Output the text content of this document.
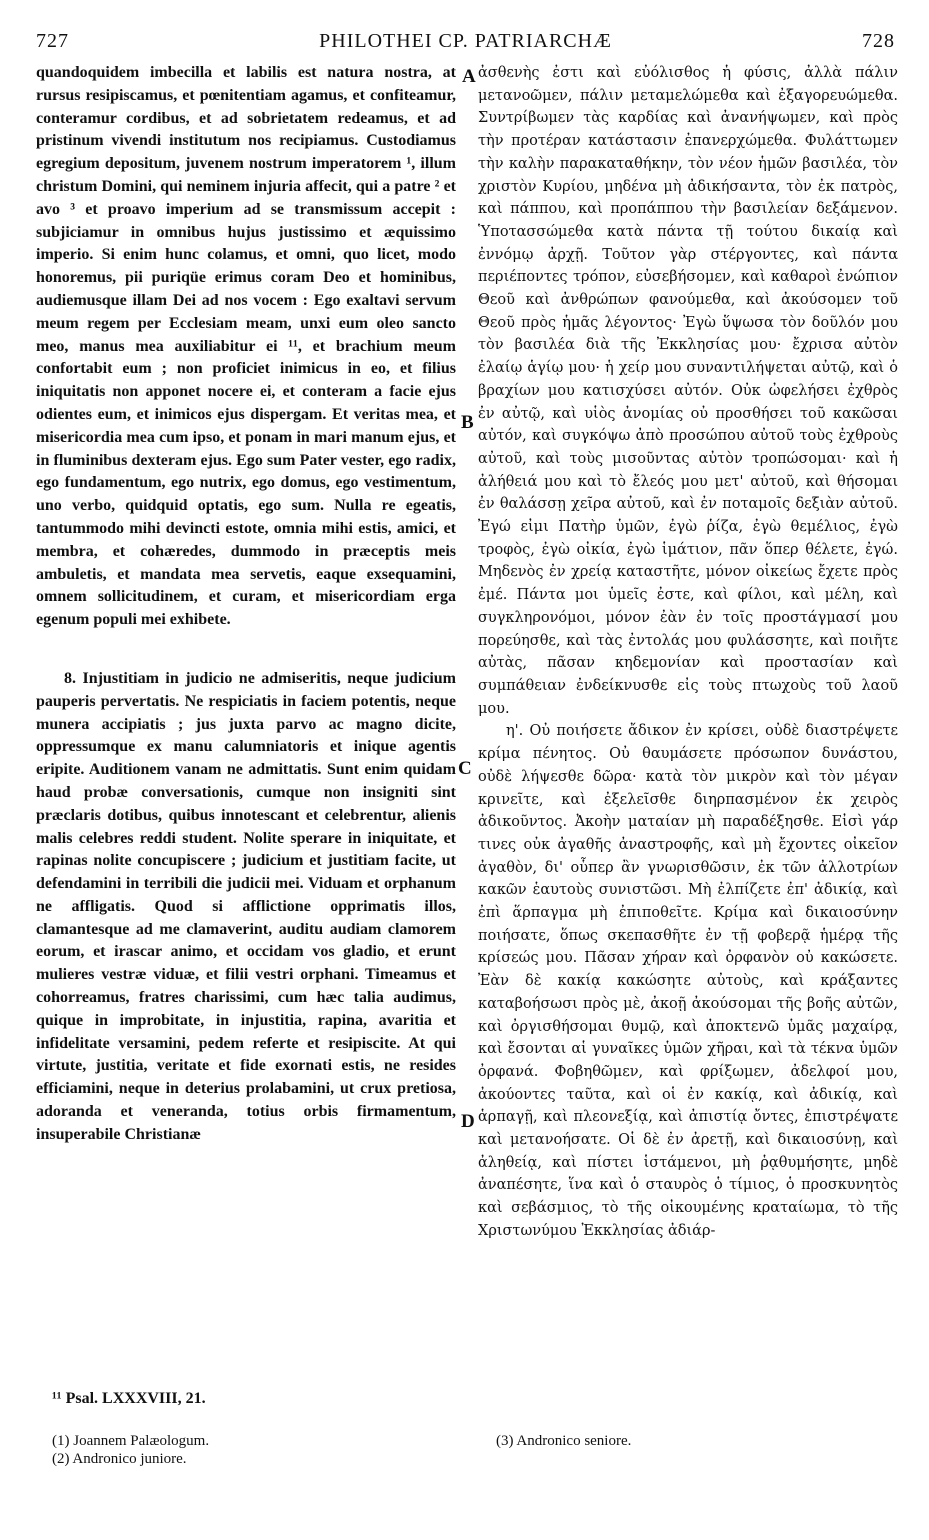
727	PHILOTHEI CP. PATRIARCHÆ	728

quandoquidem imbecilla et labilis est natura nostra, at rursus resipiscamus, et pœnitentiam agamus, et confiteamur, conteramur cordibus, et ad sobrietatem redeamus, et ad pristinum vivendi institutum nos recipiamus. Custodiamus egregium depositum, juvenem nostrum imperatorem ¹, illum christum Domini, qui neminem injuria affecit, qui a patre ² et avo ³ et proavo imperium ad se transmissum accepit : subjiciamur in omnibus hujus justissimo et æquissimo imperio. Si enim hunc colamus, et omni, quo licet, modo honoremus, pii puriqüe erimus coram Deo et hominibus, audiemusque illam Dei ad nos vocem : Ego exaltavi servum meum regem per Ecclesiam meam, unxi eum oleo sancto meo, manus mea auxiliabitur ei ¹¹, et brachium meum confortabit eum ; non proficiet inimicus in eo, et filius iniquitatis non apponet nocere ei, et conteram a facie ejus odientes eum, et inimicos ejus dispergam. Et veritas mea, et misericordia mea cum ipso, et ponam in mari manum ejus, et in fluminibus dexteram ejus. Ego sum Pater vester, ego radix, ego fundamentum, ego nutrix, ego domus, ego vestimentum, uno verbo, quidquid optatis, ego sum. Nulla re egeatis, tantummodo mihi devincti estote, omnia mihi estis, amici, et membra, et cohæredes, dummodo in præceptis meis ambuletis, et mandata mea servetis, eaque exsequamini, omnem sollicitudinem, et curam, et misericordiam erga egenum populi mei exhibete.

8. Injustitiam in judicio ne admiseritis, neque judicium pauperis pervertatis. Ne respiciatis in faciem potentis, neque munera accipiatis ; jus juxta parvo ac magno dicite, oppressumque ex manu calumniatoris et inique agentis eripite. Auditionem vanam ne admittatis. Sunt enim quidam haud probæ conversationis, cumque non insigniti sint præclaris dotibus, quibus innotescant et celebrentur, alienis malis celebres reddi student. Nolite sperare in iniquitate, et rapinas nolite concupiscere ; judicium et justitiam facite, ut defendamini in terribili die judicii mei. Viduam et orphanum ne affligatis. Quod si afflictione opprimatis illos, clamantesque ad me clamaverint, auditu audiam clamorem eorum, et irascar animo, et occidam vos gladio, et erunt mulieres vestræ viduæ, et filii vestri orphani. Timeamus et cohorreamus, fratres charissimi, cum hæc talia audimus, quique in improbitate, in injustitia, rapina, avaritia et infidelitate versamini, pedem referte et resipiscite. At qui virtute, justitia, veritate et fide exornati estis, ne resides efficiamini, neque in deterius prolabamini, ut crux pretiosa, adoranda et veneranda, totius orbis firmamentum, insuperabile Christianæ

ἀσθενὴς ἐστι καὶ εὐόλισθος ἡ φύσις, ἀλλὰ πάλιν μετανοῶμεν, πάλιν μεταμελώμεθα καὶ ἐξαγορευώμεθα. Συντρίβωμεν τὰς καρδίας καὶ ἀνανήψωμεν, καὶ πρὸς τὴν προτέραν κατάστασιν ἐπανερχώμεθα. Φυλάττωμεν τὴν καλὴν παρακαταθήκην, τὸν νέον ἡμῶν βασιλέα, τὸν χριστὸν Κυρίου, μηδένα μὴ ἀδικήσαντα, τὸν ἐκ πατρὸς, καὶ πάππου, καὶ προπάππου τὴν βασιλείαν δεξάμενον. Ὑποτασσώμεθα κατὰ πάντα τῇ τούτου δικαίᾳ καὶ ἐννόμῳ ἀρχῇ. Τοῦτον γὰρ στέργοντες, καὶ πάντα περιέποντες τρόπον, εὐσεβήσομεν, καὶ καθαροὶ ἐνώπιον Θεοῦ καὶ ἀνθρώπων φανούμεθα, καὶ ἀκούσομεν τοῦ Θεοῦ πρὸς ἡμᾶς λέγοντος· Ἐγὼ ὕψωσα τὸν δοῦλόν μου τὸν βασιλέα διὰ τῆς Ἐκκλησίας μου· ἔχρισα αὐτὸν ἐλαίῳ ἁγίῳ μου· ἡ χείρ μου συναντιλήψεται αὐτῷ, καὶ ὁ βραχίων μου κατισχύσει αὐτόν. Οὐκ ὠφελήσει ἐχθρὸς ἐν αὐτῷ, καὶ υἱὸς ἀνομίας οὐ προσθήσει τοῦ κακῶσαι αὐτόν, καὶ συγκόψω ἀπὸ προσώπου αὐτοῦ τοὺς ἐχθροὺς αὐτοῦ, καὶ τοὺς μισοῦντας αὐτὸν τροπώσομαι· καὶ ἡ ἀλήθειά μου καὶ τὸ ἔλεός μου μετ' αὐτοῦ, καὶ θήσομαι ἐν θαλάσσῃ χεῖρα αὐτοῦ, καὶ ἐν ποταμοῖς δεξιὰν αὐτοῦ. Ἐγώ εἰμι Πατὴρ ὑμῶν, ἐγὼ ῥίζα, ἐγὼ θεμέλιος, ἐγὼ τροφὸς, ἐγὼ οἰκία, ἐγὼ ἱμάτιον, πᾶν ὅπερ θέλετε, ἐγώ. Μηδενὸς ἐν χρείᾳ καταστῆτε, μόνον οἰκείως ἔχετε πρὸς ἐμέ. Πάντα μοι ὑμεῖς ἐστε, καὶ φίλοι, καὶ μέλη, καὶ συγκληρονόμοι, μόνον ἐὰν ἐν τοῖς προστάγμασί μου πορεύησθε, καὶ τὰς ἐντολάς μου φυλάσσητε, καὶ ποιῆτε αὐτὰς, πᾶσαν κηδεμονίαν καὶ προστασίαν καὶ συμπάθειαν ἐνδείκνυσθε εἰς τοὺς πτωχοὺς τοῦ λαοῦ μου.

η'. Οὐ ποιήσετε ἄδικον ἐν κρίσει, οὐδὲ διαστρέψετε κρίμα πένητος. Οὐ θαυμάσετε πρόσωπον δυνάστου, οὐδὲ λήψεσθε δῶρα· κατὰ τὸν μικρὸν καὶ τὸν μέγαν κρινεῖτε, καὶ ἐξελεῖσθε διηρπασμένον ἐκ χειρὸς ἀδικοῦντος. Ἀκοὴν ματαίαν μὴ παραδέξησθε. Εἰσὶ γάρ τινες οὐκ ἀγαθῆς ἀναστροφῆς, καὶ μὴ ἔχοντες οἰκεῖον ἀγαθὸν, δι' οὗπερ ἂν γνωρισθῶσιν, ἐκ τῶν ἀλλοτρίων κακῶν ἑαυτοὺς συνιστῶσι. Μὴ ἐλπίζετε ἐπ' ἀδικίᾳ, καὶ ἐπὶ ἅρπαγμα μὴ ἐπιποθεῖτε. Κρίμα καὶ δικαιοσύνην ποιήσατε, ὅπως σκεπασθῆτε ἐν τῇ φοβερᾷ ἡμέρᾳ τῆς κρίσεώς μου. Πᾶσαν χήραν καὶ ὀρφανὸν οὐ κακώσετε. Ἐὰν δὲ κακίᾳ κακώσητε αὐτοὺς, καὶ κράξαντες καταβοήσωσι πρὸς μὲ, ἀκοῇ ἀκούσομαι τῆς βοῆς αὐτῶν, καὶ ὀργισθήσομαι θυμῷ, καὶ ἀποκτενῶ ὑμᾶς μαχαίρᾳ, καὶ ἔσονται αἱ γυναῖκες ὑμῶν χῆραι, καὶ τὰ τέκνα ὑμῶν ὀρφανά. Φοβηθῶμεν, καὶ φρίξωμεν, ἀδελφοί μου, ἀκούοντες ταῦτα, καὶ οἱ ἐν κακίᾳ, καὶ ἀδικίᾳ, καὶ ἁρπαγῇ, καὶ πλεονεξίᾳ, καὶ ἀπιστίᾳ ὄντες, ἐπιστρέψατε καὶ μετανοήσατε. Οἱ δὲ ἐν ἀρετῇ, καὶ δικαιοσύνῃ, καὶ ἀληθείᾳ, καὶ πίστει ἱστάμενοι, μὴ ῥᾳθυμήσητε, μηδὲ ἀναπέσητε, ἵνα καὶ ὁ σταυρὸς ὁ τίμιος, ὁ προσκυνητὸς καὶ σεβάσμιος, τὸ τῆς οἰκουμένης κραταίωμα, τὸ τῆς Χριστωνύμου Ἐκκλησίας ἀδιάρ-

A
B
C
D
¹¹ Psal. LXXXVIII, 21.
(1) Joannem Palæologum.
(2) Andronico juniore.
(3) Andronico seniore.
